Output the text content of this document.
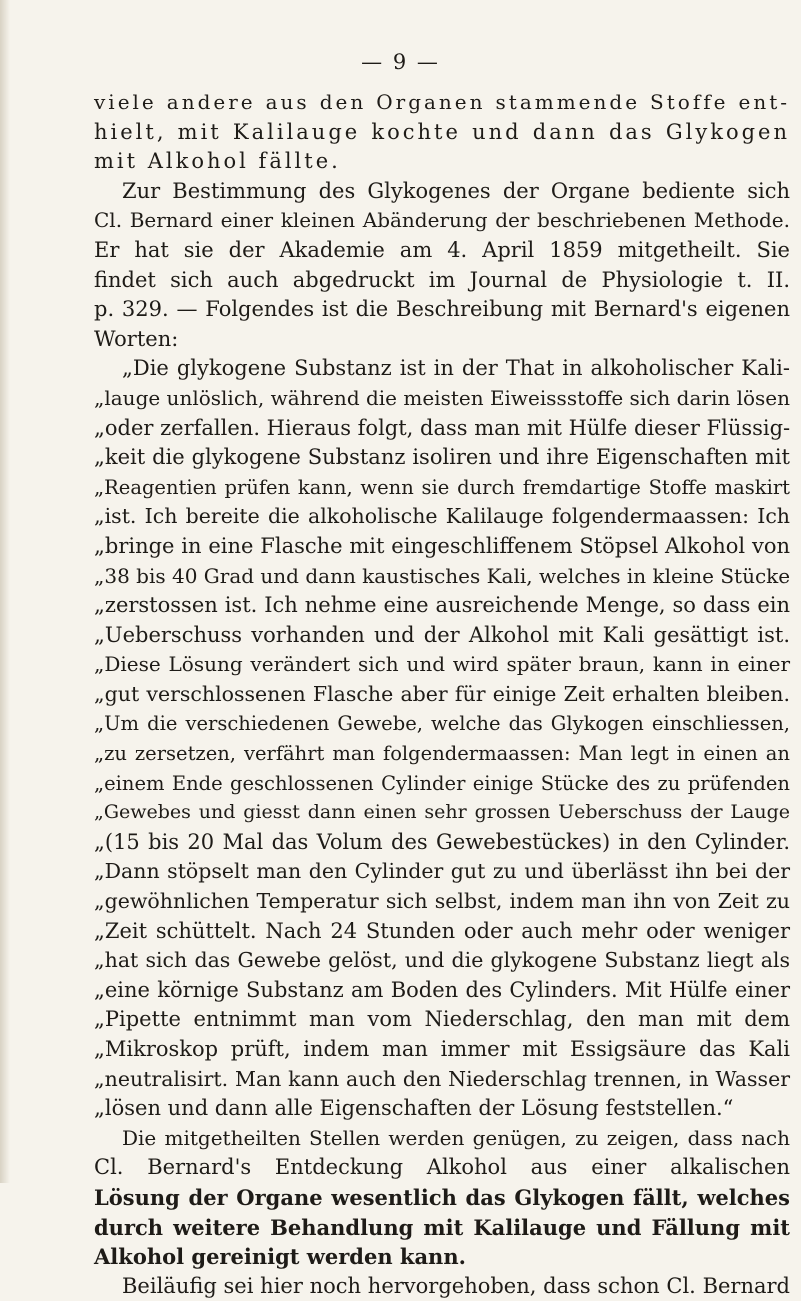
— 9 —
viele andere aus den Organen stammende Stoffe ent-
hielt, mit Kalilauge kochte und dann das Glykogen
mit Alkohol fällte.
Zur Bestimmung des Glykogenes der Organe bediente sich
Cl. Bernard einer kleinen Abänderung der beschriebenen Methode.
Er hat sie der Akademie am 4. April 1859 mitgetheilt. Sie
findet sich auch abgedruckt im Journal de Physiologie t. II.
p. 329. — Folgendes ist die Beschreibung mit Bernard's eigenen
Worten:
„Die glykogene Substanz ist in der That in alkoholischer Kali-
„lauge unlöslich, während die meisten Eiweissstoffe sich darin lösen
„oder zerfallen. Hieraus folgt, dass man mit Hülfe dieser Flüssig-
„keit die glykogene Substanz isoliren und ihre Eigenschaften mit
„Reagentien prüfen kann, wenn sie durch fremdartige Stoffe maskirt
„ist. Ich bereite die alkoholische Kalilauge folgendermaassen: Ich
„bringe in eine Flasche mit eingeschliffenem Stöpsel Alkohol von
„38 bis 40 Grad und dann kaustisches Kali, welches in kleine Stücke
„zerstossen ist. Ich nehme eine ausreichende Menge, so dass ein
„Ueberschuss vorhanden und der Alkohol mit Kali gesättigt ist.
„Diese Lösung verändert sich und wird später braun, kann in einer
„gut verschlossenen Flasche aber für einige Zeit erhalten bleiben.
„Um die verschiedenen Gewebe, welche das Glykogen einschliessen,
„zu zersetzen, verfährt man folgendermaassen: Man legt in einen an
„einem Ende geschlossenen Cylinder einige Stücke des zu prüfenden
„Gewebes und giesst dann einen sehr grossen Ueberschuss der Lauge
„(15 bis 20 Mal das Volum des Gewebestückes) in den Cylinder.
„Dann stöpselt man den Cylinder gut zu und überlässt ihn bei der
„gewöhnlichen Temperatur sich selbst, indem man ihn von Zeit zu
„Zeit schüttelt. Nach 24 Stunden oder auch mehr oder weniger
„hat sich das Gewebe gelöst, und die glykogene Substanz liegt als
„eine körnige Substanz am Boden des Cylinders. Mit Hülfe einer
„Pipette entnimmt man vom Niederschlag, den man mit dem
„Mikroskop prüft, indem man immer mit Essigsäure das Kali
„neutralisirt. Man kann auch den Niederschlag trennen, in Wasser
„lösen und dann alle Eigenschaften der Lösung feststellen.“
Die mitgetheilten Stellen werden genügen, zu zeigen, dass nach
Cl. Bernard's Entdeckung Alkohol aus einer alkalischen
Lösung der Organe wesentlich das Glykogen fällt, welches
durch weitere Behandlung mit Kalilauge und Fällung mit
Alkohol gereinigt werden kann.
Beiläufig sei hier noch hervorgehoben, dass schon Cl. Bernard
